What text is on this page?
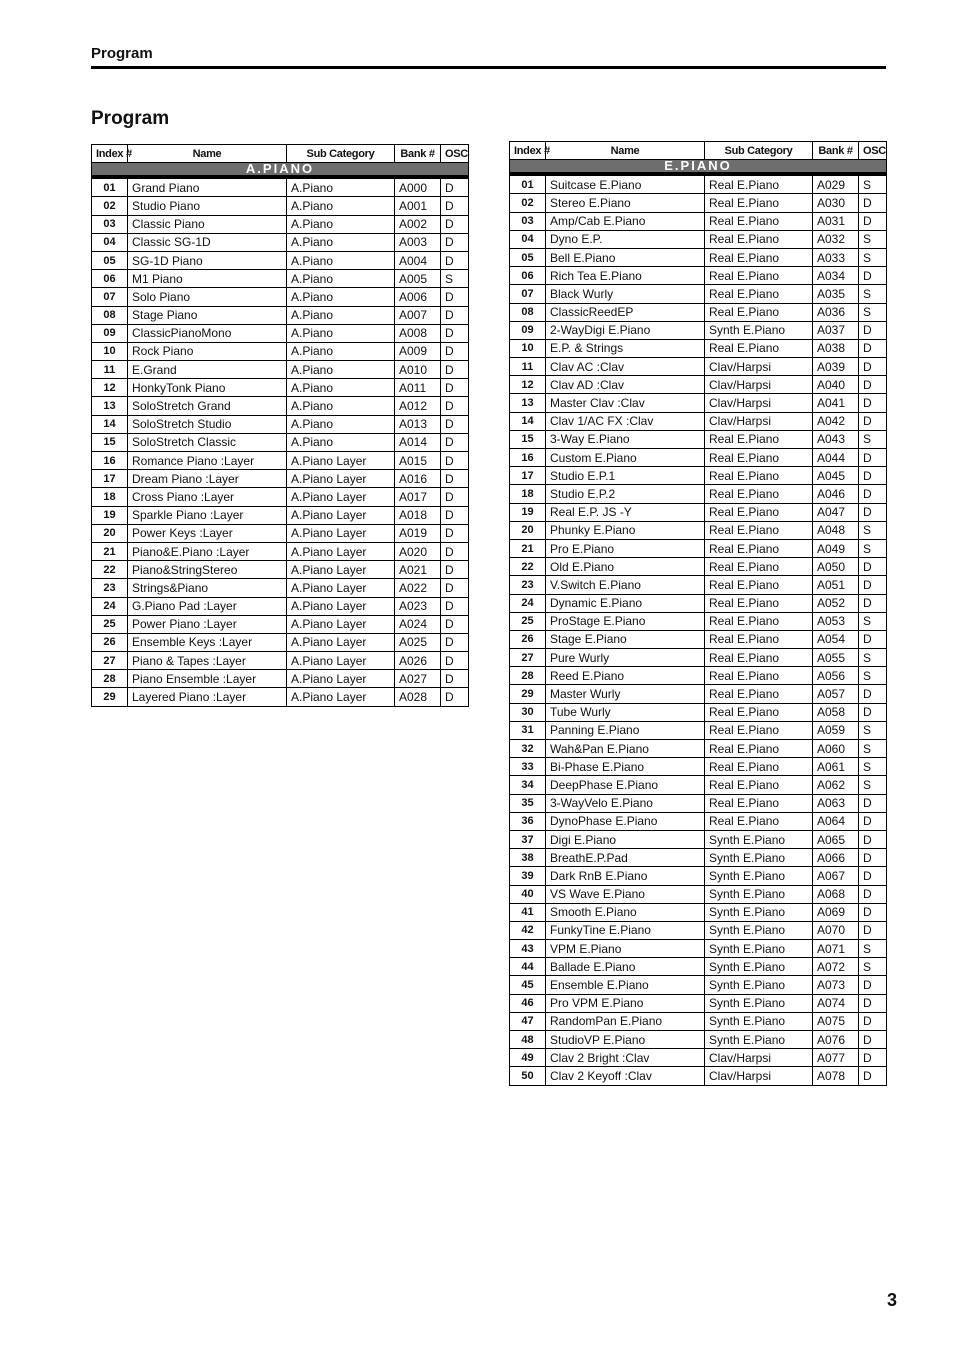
Program
Program
Index #	Name	Sub Category	Bank #	OSC
A.PIANO				
01	Grand Piano	A.Piano	A000	D
02	Studio Piano	A.Piano	A001	D
03	Classic Piano	A.Piano	A002	D
04	Classic SG-1D	A.Piano	A003	D
05	SG-1D Piano	A.Piano	A004	D
06	M1 Piano	A.Piano	A005	S
07	Solo Piano	A.Piano	A006	D
08	Stage Piano	A.Piano	A007	D
09	ClassicPianoMono	A.Piano	A008	D
10	Rock Piano	A.Piano	A009	D
11	E.Grand	A.Piano	A010	D
12	HonkyTonk Piano	A.Piano	A011	D
13	SoloStretch Grand	A.Piano	A012	D
14	SoloStretch Studio	A.Piano	A013	D
15	SoloStretch Classic	A.Piano	A014	D
16	Romance Piano :Layer	A.Piano Layer	A015	D
17	Dream Piano :Layer	A.Piano Layer	A016	D
18	Cross Piano :Layer	A.Piano Layer	A017	D
19	Sparkle Piano :Layer	A.Piano Layer	A018	D
20	Power Keys :Layer	A.Piano Layer	A019	D
21	Piano&E.Piano :Layer	A.Piano Layer	A020	D
22	Piano&StringStereo	A.Piano Layer	A021	D
23	Strings&Piano	A.Piano Layer	A022	D
24	G.Piano Pad :Layer	A.Piano Layer	A023	D
25	Power Piano :Layer	A.Piano Layer	A024	D
26	Ensemble Keys :Layer	A.Piano Layer	A025	D
27	Piano & Tapes :Layer	A.Piano Layer	A026	D
28	Piano Ensemble :Layer	A.Piano Layer	A027	D
29	Layered Piano :Layer	A.Piano Layer	A028	D
Index #	Name	Sub Category	Bank #	OSC
E.PIANO				
01	Suitcase E.Piano	Real E.Piano	A029	S
02	Stereo E.Piano	Real E.Piano	A030	D
03	Amp/Cab E.Piano	Real E.Piano	A031	D
04	Dyno E.P.	Real E.Piano	A032	S
05	Bell E.Piano	Real E.Piano	A033	S
06	Rich Tea E.Piano	Real E.Piano	A034	D
07	Black Wurly	Real E.Piano	A035	S
08	ClassicReedEP	Real E.Piano	A036	S
09	2-WayDigi E.Piano	Synth E.Piano	A037	D
10	E.P. & Strings	Real E.Piano	A038	D
11	Clav AC :Clav	Clav/Harpsi	A039	D
12	Clav AD :Clav	Clav/Harpsi	A040	D
13	Master Clav :Clav	Clav/Harpsi	A041	D
14	Clav 1/AC FX :Clav	Clav/Harpsi	A042	D
15	3-Way E.Piano	Real E.Piano	A043	S
16	Custom E.Piano	Real E.Piano	A044	D
17	Studio E.P.1	Real E.Piano	A045	D
18	Studio E.P.2	Real E.Piano	A046	D
19	Real E.P. JS -Y	Real E.Piano	A047	D
20	Phunky E.Piano	Real E.Piano	A048	S
21	Pro E.Piano	Real E.Piano	A049	S
22	Old E.Piano	Real E.Piano	A050	D
23	V.Switch E.Piano	Real E.Piano	A051	D
24	Dynamic E.Piano	Real E.Piano	A052	D
25	ProStage E.Piano	Real E.Piano	A053	S
26	Stage E.Piano	Real E.Piano	A054	D
27	Pure Wurly	Real E.Piano	A055	S
28	Reed E.Piano	Real E.Piano	A056	S
29	Master Wurly	Real E.Piano	A057	D
30	Tube Wurly	Real E.Piano	A058	D
31	Panning E.Piano	Real E.Piano	A059	S
32	Wah&Pan E.Piano	Real E.Piano	A060	S
33	Bi-Phase E.Piano	Real E.Piano	A061	S
34	DeepPhase E.Piano	Real E.Piano	A062	S
35	3-WayVelo E.Piano	Real E.Piano	A063	D
36	DynoPhase E.Piano	Real E.Piano	A064	D
37	Digi E.Piano	Synth E.Piano	A065	D
38	BreathE.P.Pad	Synth E.Piano	A066	D
39	Dark RnB E.Piano	Synth E.Piano	A067	D
40	VS Wave E.Piano	Synth E.Piano	A068	D
41	Smooth E.Piano	Synth E.Piano	A069	D
42	FunkyTine E.Piano	Synth E.Piano	A070	D
43	VPM E.Piano	Synth E.Piano	A071	S
44	Ballade E.Piano	Synth E.Piano	A072	S
45	Ensemble E.Piano	Synth E.Piano	A073	D
46	Pro VPM E.Piano	Synth E.Piano	A074	D
47	RandomPan E.Piano	Synth E.Piano	A075	D
48	StudioVP E.Piano	Synth E.Piano	A076	D
49	Clav 2 Bright :Clav	Clav/Harpsi	A077	D
50	Clav 2 Keyoff :Clav	Clav/Harpsi	A078	D
3
